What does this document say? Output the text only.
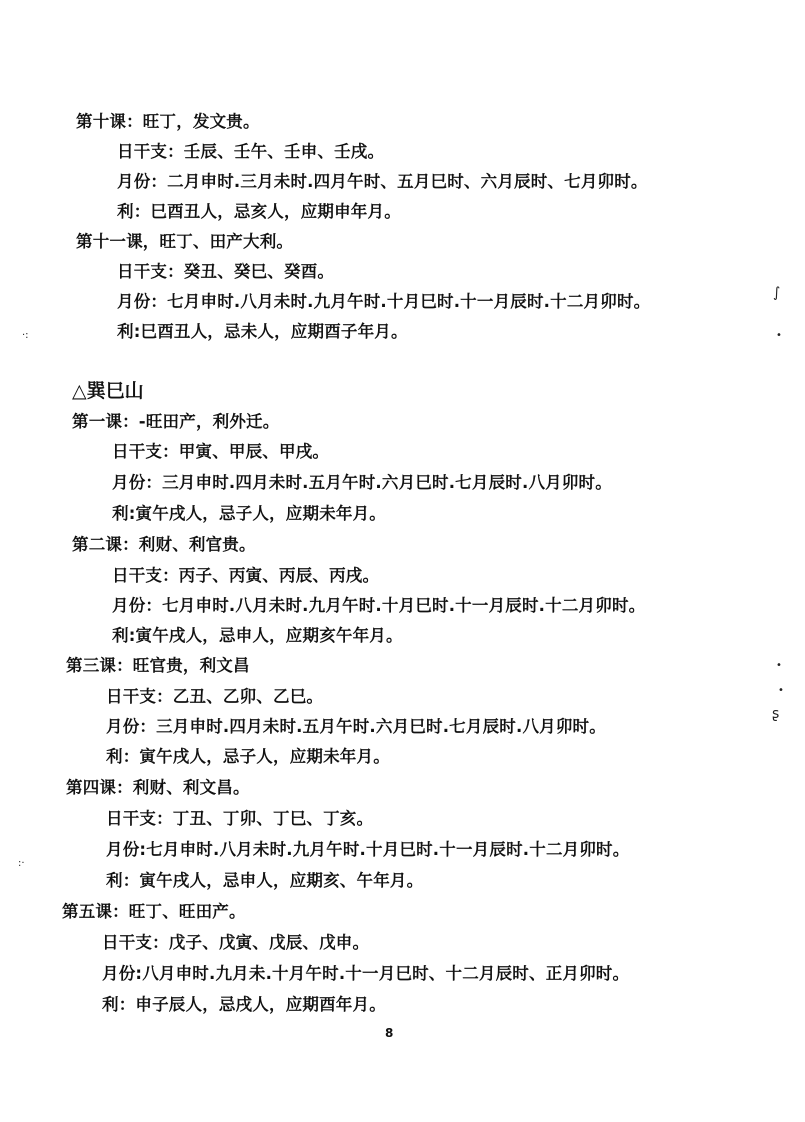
第十课：旺丁，发文贵。
日干支：壬辰、壬午、壬申、壬戌。
月份：二月申时.三月未时.四月午时、五月巳时、六月辰时、七月卯时。
利：巳酉丑人，忌亥人，应期申年月。
第十一课，旺丁、田产大利。
日干支：癸丑、癸巳、癸酉。
月份：七月申时.八月未时.九月午时.十月巳时.十一月辰时.十二月卯时。
利:巳酉丑人，忌未人，应期酉子年月。
△巽巳山
第一课：-旺田产，利外迁。
日干支：甲寅、甲辰、甲戌。
月份：三月申时.四月未时.五月午时.六月巳时.七月辰时.八月卯时。
利:寅午戌人，忌子人，应期未年月。
第二课：利财、利官贵。
日干支：丙子、丙寅、丙辰、丙戌。
月份：七月申时.八月未时.九月午时.十月巳时.十一月辰时.十二月卯时。
利:寅午戌人，忌申人，应期亥午年月。
第三课：旺官贵，利文昌
日干支：乙丑、乙卯、乙巳。
月份：三月申时.四月未时.五月午时.六月巳时.七月辰时.八月卯时。
利：寅午戌人，忌子人，应期未年月。
第四课：利财、利文昌。
日干支：丁丑、丁卯、丁巳、丁亥。
月份:七月申时.八月未时.九月午时.十月巳时.十一月辰时.十二月卯时。
利：寅午戌人，忌申人，应期亥、午年月。
第五课：旺丁、旺田产。
日干支：戊子、戊寅、戊辰、戊申。
月份:八月申时.九月未.十月午时.十一月巳时、十二月辰时、正月卯时。
利：申子辰人，忌戌人，应期酉年月。
8
∫
•
•
•
ʂ
·:
:·
